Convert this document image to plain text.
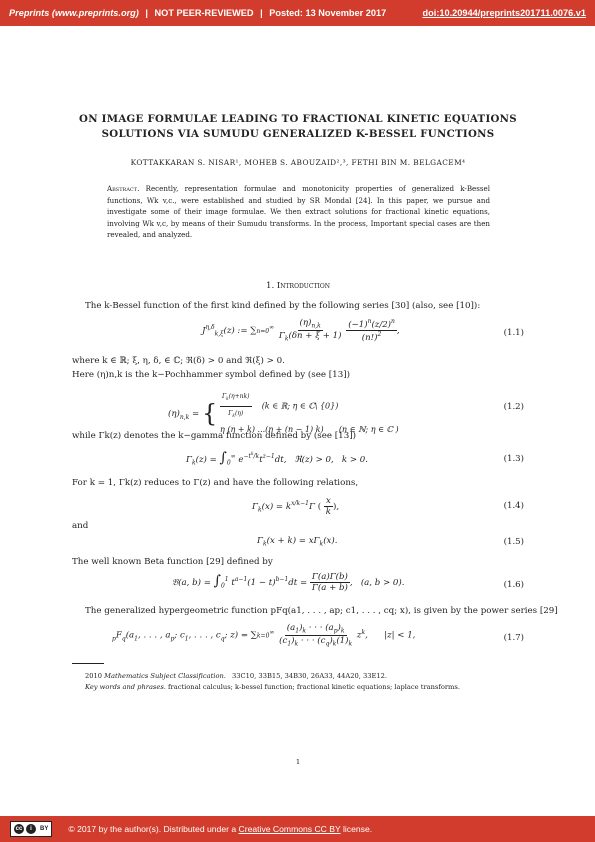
Preprints (www.preprints.org) | NOT PEER-REVIEWED | Posted: 13 November 2017	doi:10.20944/preprints201711.0076.v1
ON IMAGE FORMULAE LEADING TO FRACTIONAL KINETIC EQUATIONS
SOLUTIONS VIA SUMUDU GENERALIZED K-BESSEL FUNCTIONS
KOTTAKKARAN S. NISAR¹, MOHEB S. ABOUZAID²,³, FETHI BIN M. BELGACEM⁴
Abstract. Recently, representation formulae and monotonicity properties of generalized k-Bessel functions, Wk v,c., were established and studied by SR Mondal [24]. In this paper, we pursue and investigate some of their image formulae. We then extract solutions for fractional kinetic equations, involving Wk v,c, by means of their Sumudu transforms. In the process, Important special cases are then revealed, and analyzed.
1. Introduction
The k-Bessel function of the first kind defined by the following series [30] (also, see [10]):
$J^{\eta,\delta}_{k,\xi}(z)$ := $\sum n=0^\infty \frac{(\eta)_{n,k}}{\Gamma_k(\delta n + \xi + 1)}$
$\frac{(-1)^n(z/2)^n}{(n!)^2}$ ,	(1.1)
where k ∈ ℝ; ξ, η, δ, ∈ ℂ; ℜ(δ) > 0 and ℜ(ξ) > 0.
Here (η)n,k is the k−Pochhammer symbol defined by (see [13])
$(\eta)_{n,k}$ = { $\frac{\Gamma_k(\eta+nk)}{\Gamma_k(\eta)} (k$ ∈ ℝ; η ∈ ℂ\ {0})
η (η + k) ...(η + (n − 1) k)      (n ∈ ℕ; η ∈ ℂ )
(1.2)
while Γk(z) denotes the k−gamma function defined by (see [13])
$\Gamma_k(z) = \int_0^\infty$ $e^{-t^k/k}t^{z-1}dt$,   ℜ(z) > 0,   k > 0.	(1.3)
For k = 1, Γk(z) reduces to Γ(z) and have the following relations,
$\Gamma_k(x) = k^{x/k-1}\Gamma$ ( $\frac{x}{k}$ ),	(1.4)
and
$\Gamma_k(x + k) = x\Gamma_k(x)$.	(1.5)
The well known Beta function [29] defined by
𝔅(a, $b) = \int_0^1$ $t^{a-1}(1 - t)^{b-1}dt = \frac{\Gamma(a)\Gamma(b)}{\Gamma(a + b)}$ ,   (a, b > 0).	(1.6)
The generalized hypergeometric function pFq(a1, . . . , ap; c1, . . . , cq; x), is given by the power series [29]
$_pF_q(a_1$, . . . , $a_p$; $c_1$, . . . , $c_q$; $z) = \sum k=0^\infty \frac{(a_1)_k \cdot \cdot \cdot (a_p)_k}{(c_1)_k \cdot \cdot \cdot (c_q)_k(1)_k} z^k$,      |z| < 1,	(1.7)
2010 Mathematics Subject Classification. 33C10, 33B15, 34B30, 26A33, 44A20, 33E12.
Key words and phrases. fractional calculus; k-bessel function; fractional kinetic equations; laplace transforms.
1
cc	i	BY © 2017 by the author(s). Distributed under a Creative Commons CC BY license.
